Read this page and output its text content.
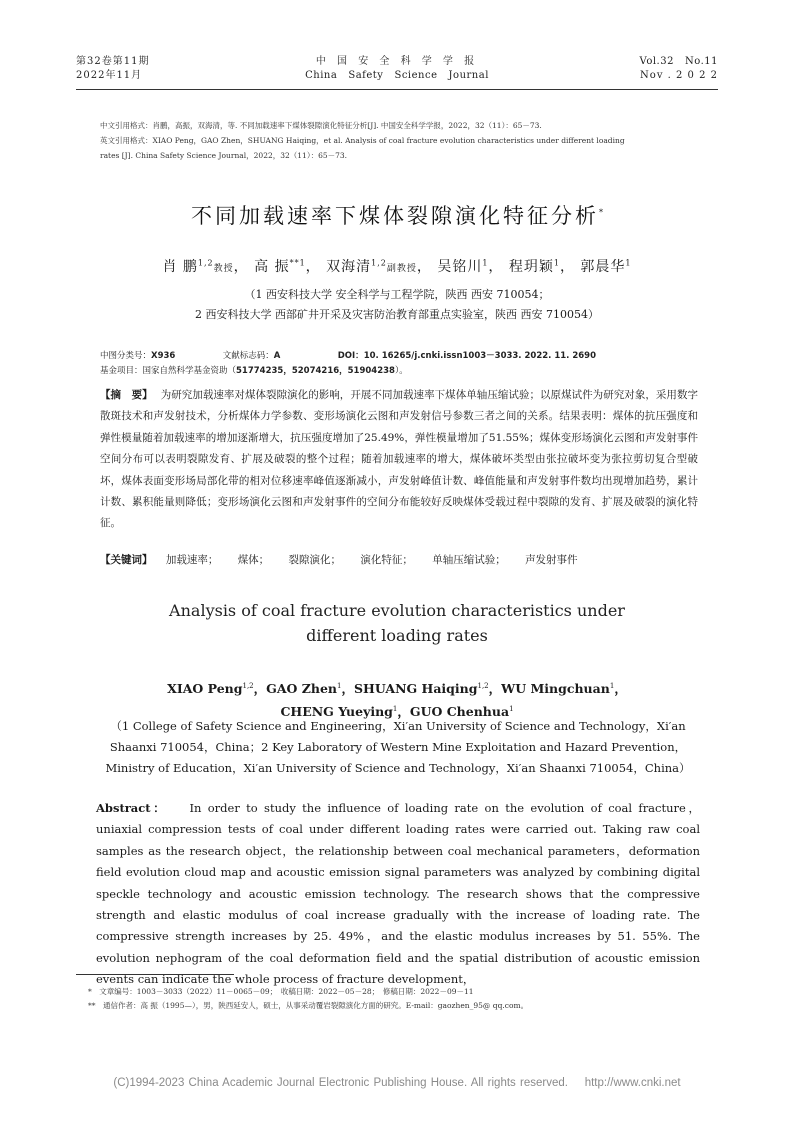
第32卷第11期
2022年11月
中 国 安 全 科 学 学 报
China   Safety   Science   Journal
Vol.32   No.11
Nov . 2 0 2 2
中文引用格式：肖鹏，高振，双海清，等. 不同加载速率下煤体裂隙演化特征分析[J]. 中国安全科学学报，2022，32（11）：65－73.
英文引用格式：XIAO Peng，GAO Zhen，SHUANG Haiqing，et al. Analysis of coal fracture evolution characteristics under different loading
rates [J]. China Safety Science Journal，2022，32（11）：65－73.
不同加载速率下煤体裂隙演化特征分析*
肖 鹏$^{1,2}$教授， 高 振$^{**1}$， 双海清$^{1,2}$副教授， 吴铭川$^1$， 程玥颖$^1$， 郭晨华$^1$
（1 西安科技大学 安全科学与工程学院，陕西 西安 710054；
2 西安科技大学 西部矿井开采及灾害防治教育部重点实验室，陕西 西安 710054）
中图分类号：X936	文献标志码：A	DOI：10. 16265/j.cnki.issn1003－3033. 2022. 11. 2690
基金项目：国家自然科学基金资助（51774235，52074216，51904238）。
【摘　要】 为研究加载速率对煤体裂隙演化的影响，开展不同加载速率下煤体单轴压缩试验；以原煤试件为研究对象，采用数字散斑技术和声发射技术，分析煤体力学参数、变形场演化云图和声发射信号参数三者之间的关系。结果表明：煤体的抗压强度和弹性模量随着加载速率的增加逐渐增大，抗压强度增加了25.49%，弹性模量增加了51.55%；煤体变形场演化云图和声发射事件空间分布可以表明裂隙发育、扩展及破裂的整个过程；随着加载速率的增大，煤体破坏类型由张拉破坏变为张拉剪切复合型破坏，煤体表面变形场局部化带的相对位移速率峰值逐渐减小，声发射峰值计数、峰值能量和声发射事件数均出现增加趋势，累计计数、累积能量则降低；变形场演化云图和声发射事件的空间分布能较好反映煤体受载过程中裂隙的发育、扩展及破裂的演化特征。
【关键词】 加载速率； 煤体； 裂隙演化； 演化特征； 单轴压缩试验； 声发射事件
Analysis of coal fracture evolution characteristics under
different loading rates
XIAO Peng$^{1,2}$，GAO Zhen$^1$，SHUANG Haiqing$^{1,2}$，WU Mingchuan$^1$，
CHENG Yueying$^1$，GUO Chenhua$^1$
（1 College of Safety Science and Engineering，Xi′an University of Science and Technology，Xi′an Shaanxi 710054，China；2 Key Laboratory of Western Mine Exploitation and Hazard Prevention，Ministry of Education，Xi′an University of Science and Technology，Xi′an Shaanxi 710054，China）
Abstract： In order to study the influence of loading rate on the evolution of coal fracture，uniaxial compression tests of coal under different loading rates were carried out. Taking raw coal samples as the research object，the relationship between coal mechanical parameters，deformation field evolution cloud map and acoustic emission signal parameters was analyzed by combining digital speckle technology and acoustic emission technology. The research shows that the compressive strength and elastic modulus of coal increase gradually with the increase of loading rate. The compressive strength increases by 25. 49%，and the elastic modulus increases by 51. 55%. The evolution nephogram of the coal deformation field and the spatial distribution of acoustic emission events can indicate the whole process of fracture development，
*　文章编号：1003－3033（2022）11－0065－09；　收稿日期：2022－05－28；　修稿日期：2022－09－11
**　通信作者：高 振（1995—），男，陕西延安人，硕士，从事采动覆岩裂隙演化方面的研究。E-mail：gaozhen_95@ qq.com。
(C)1994-2023 China Academic Journal Electronic Publishing House. All rights reserved.    http://www.cnki.net
